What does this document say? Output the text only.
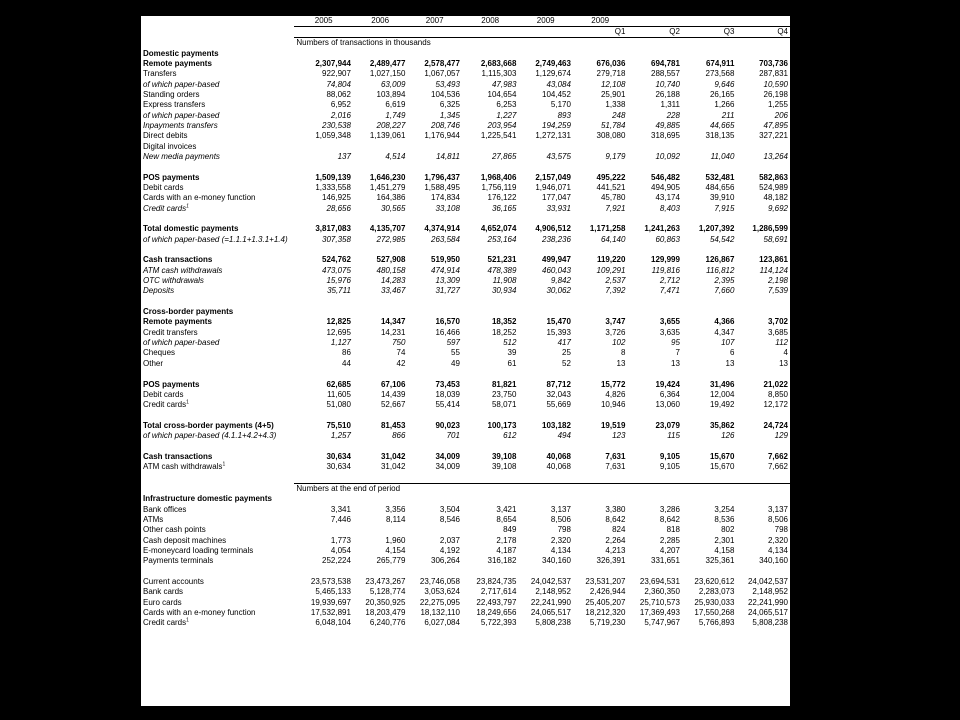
	2005	2006	2007	2008	2009	2009			
						Q1	Q2	Q3	Q4
	Numbers of transactions in thousands								
Domestic payments									
Remote payments	2,307,944	2,489,477	2,578,477	2,683,668	2,749,463	676,036	694,781	674,911	703,736
Transfers	922,907	1,027,150	1,067,057	1,115,303	1,129,674	279,718	288,557	273,568	287,831
of which paper-based	74,804	63,009	53,493	47,983	43,084	12,108	10,740	9,646	10,590
Standing orders	88,062	103,894	104,536	104,654	104,452	25,901	26,188	26,165	26,198
Express transfers	6,952	6,619	6,325	6,253	5,170	1,338	1,311	1,266	1,255
of which paper-based	2,016	1,749	1,345	1,227	893	248	228	211	206
Inpayments transfers	230,538	208,227	208,746	203,954	194,259	51,784	49,885	44,665	47,895
Direct debits	1,059,348	1,139,061	1,176,944	1,225,541	1,272,131	308,080	318,695	318,135	327,221
Digital invoices									
New media payments	137	4,514	14,811	27,865	43,575	9,179	10,092	11,040	13,264

POS payments	1,509,139	1,646,230	1,796,437	1,968,406	2,157,049	495,222	546,482	532,481	582,863
Debit cards	1,333,558	1,451,279	1,588,495	1,756,119	1,946,071	441,521	494,905	484,656	524,989
Cards with an e-money function	146,925	164,386	174,834	176,122	177,047	45,780	43,174	39,910	48,182
Credit cards$^1$	28,656	30,565	33,108	36,165	33,931	7,921	8,403	7,915	9,692

Total domestic payments	3,817,083	4,135,707	4,374,914	4,652,074	4,906,512	1,171,258	1,241,263	1,207,392	1,286,599
of which paper-based (=1.1.1+1.3.1+1.4)	307,358	272,985	263,584	253,164	238,236	64,140	60,863	54,542	58,691

Cash transactions	524,762	527,908	519,950	521,231	499,947	119,220	129,999	126,867	123,861
ATM cash withdrawals	473,075	480,158	474,914	478,389	460,043	109,291	119,816	116,812	114,124
OTC withdrawals	15,976	14,283	13,309	11,908	9,842	2,537	2,712	2,395	2,198
Deposits	35,711	33,467	31,727	30,934	30,062	7,392	7,471	7,660	7,539

Cross-border payments									
Remote payments	12,825	14,347	16,570	18,352	15,470	3,747	3,655	4,366	3,702
Credit transfers	12,695	14,231	16,466	18,252	15,393	3,726	3,635	4,347	3,685
of which paper-based	1,127	750	597	512	417	102	95	107	112
Cheques	86	74	55	39	25	8	7	6	4
Other	44	42	49	61	52	13	13	13	13

POS payments	62,685	67,106	73,453	81,821	87,712	15,772	19,424	31,496	21,022
Debit cards	11,605	14,439	18,039	23,750	32,043	4,826	6,364	12,004	8,850
Credit cards$^1$	51,080	52,667	55,414	58,071	55,669	10,946	13,060	19,492	12,172

Total cross-border payments (4+5)	75,510	81,453	90,023	100,173	103,182	19,519	23,079	35,862	24,724
of which paper-based (4.1.1+4.2+4.3)	1,257	866	701	612	494	123	115	126	129

Cash transactions	30,634	31,042	34,009	39,108	40,068	7,631	9,105	15,670	7,662
ATM cash withdrawals$^1$	30,634	31,042	34,009	39,108	40,068	7,631	9,105	15,670	7,662

	Numbers at the end of period								
Infrastructure domestic payments									
Bank offices	3,341	3,356	3,504	3,421	3,137	3,380	3,286	3,254	3,137
ATMs	7,446	8,114	8,546	8,654	8,506	8,642	8,642	8,536	8,506
Other cash points				849	798	824	818	802	798
Cash deposit machines	1,773	1,960	2,037	2,178	2,320	2,264	2,285	2,301	2,320
E-moneycard loading terminals	4,054	4,154	4,192	4,187	4,134	4,213	4,207	4,158	4,134
Payments terminals	252,224	265,779	306,264	316,182	340,160	326,391	331,651	325,361	340,160

Current accounts	23,573,538	23,473,267	23,746,058	23,824,735	24,042,537	23,531,207	23,694,531	23,620,612	24,042,537
Bank cards	5,465,133	5,128,774	3,053,624	2,717,614	2,148,952	2,426,944	2,360,350	2,283,073	2,148,952
Euro cards	19,939,697	20,350,925	22,275,095	22,493,797	22,241,990	25,405,207	25,710,573	25,930,033	22,241,990
Cards with an e-money function	17,532,891	18,203,479	18,132,110	18,249,656	24,065,517	18,212,320	17,369,493	17,550,268	24,065,517
Credit cards$^1$	6,048,104	6,240,776	6,027,084	5,722,393	5,808,238	5,719,230	5,747,967	5,766,893	5,808,238
